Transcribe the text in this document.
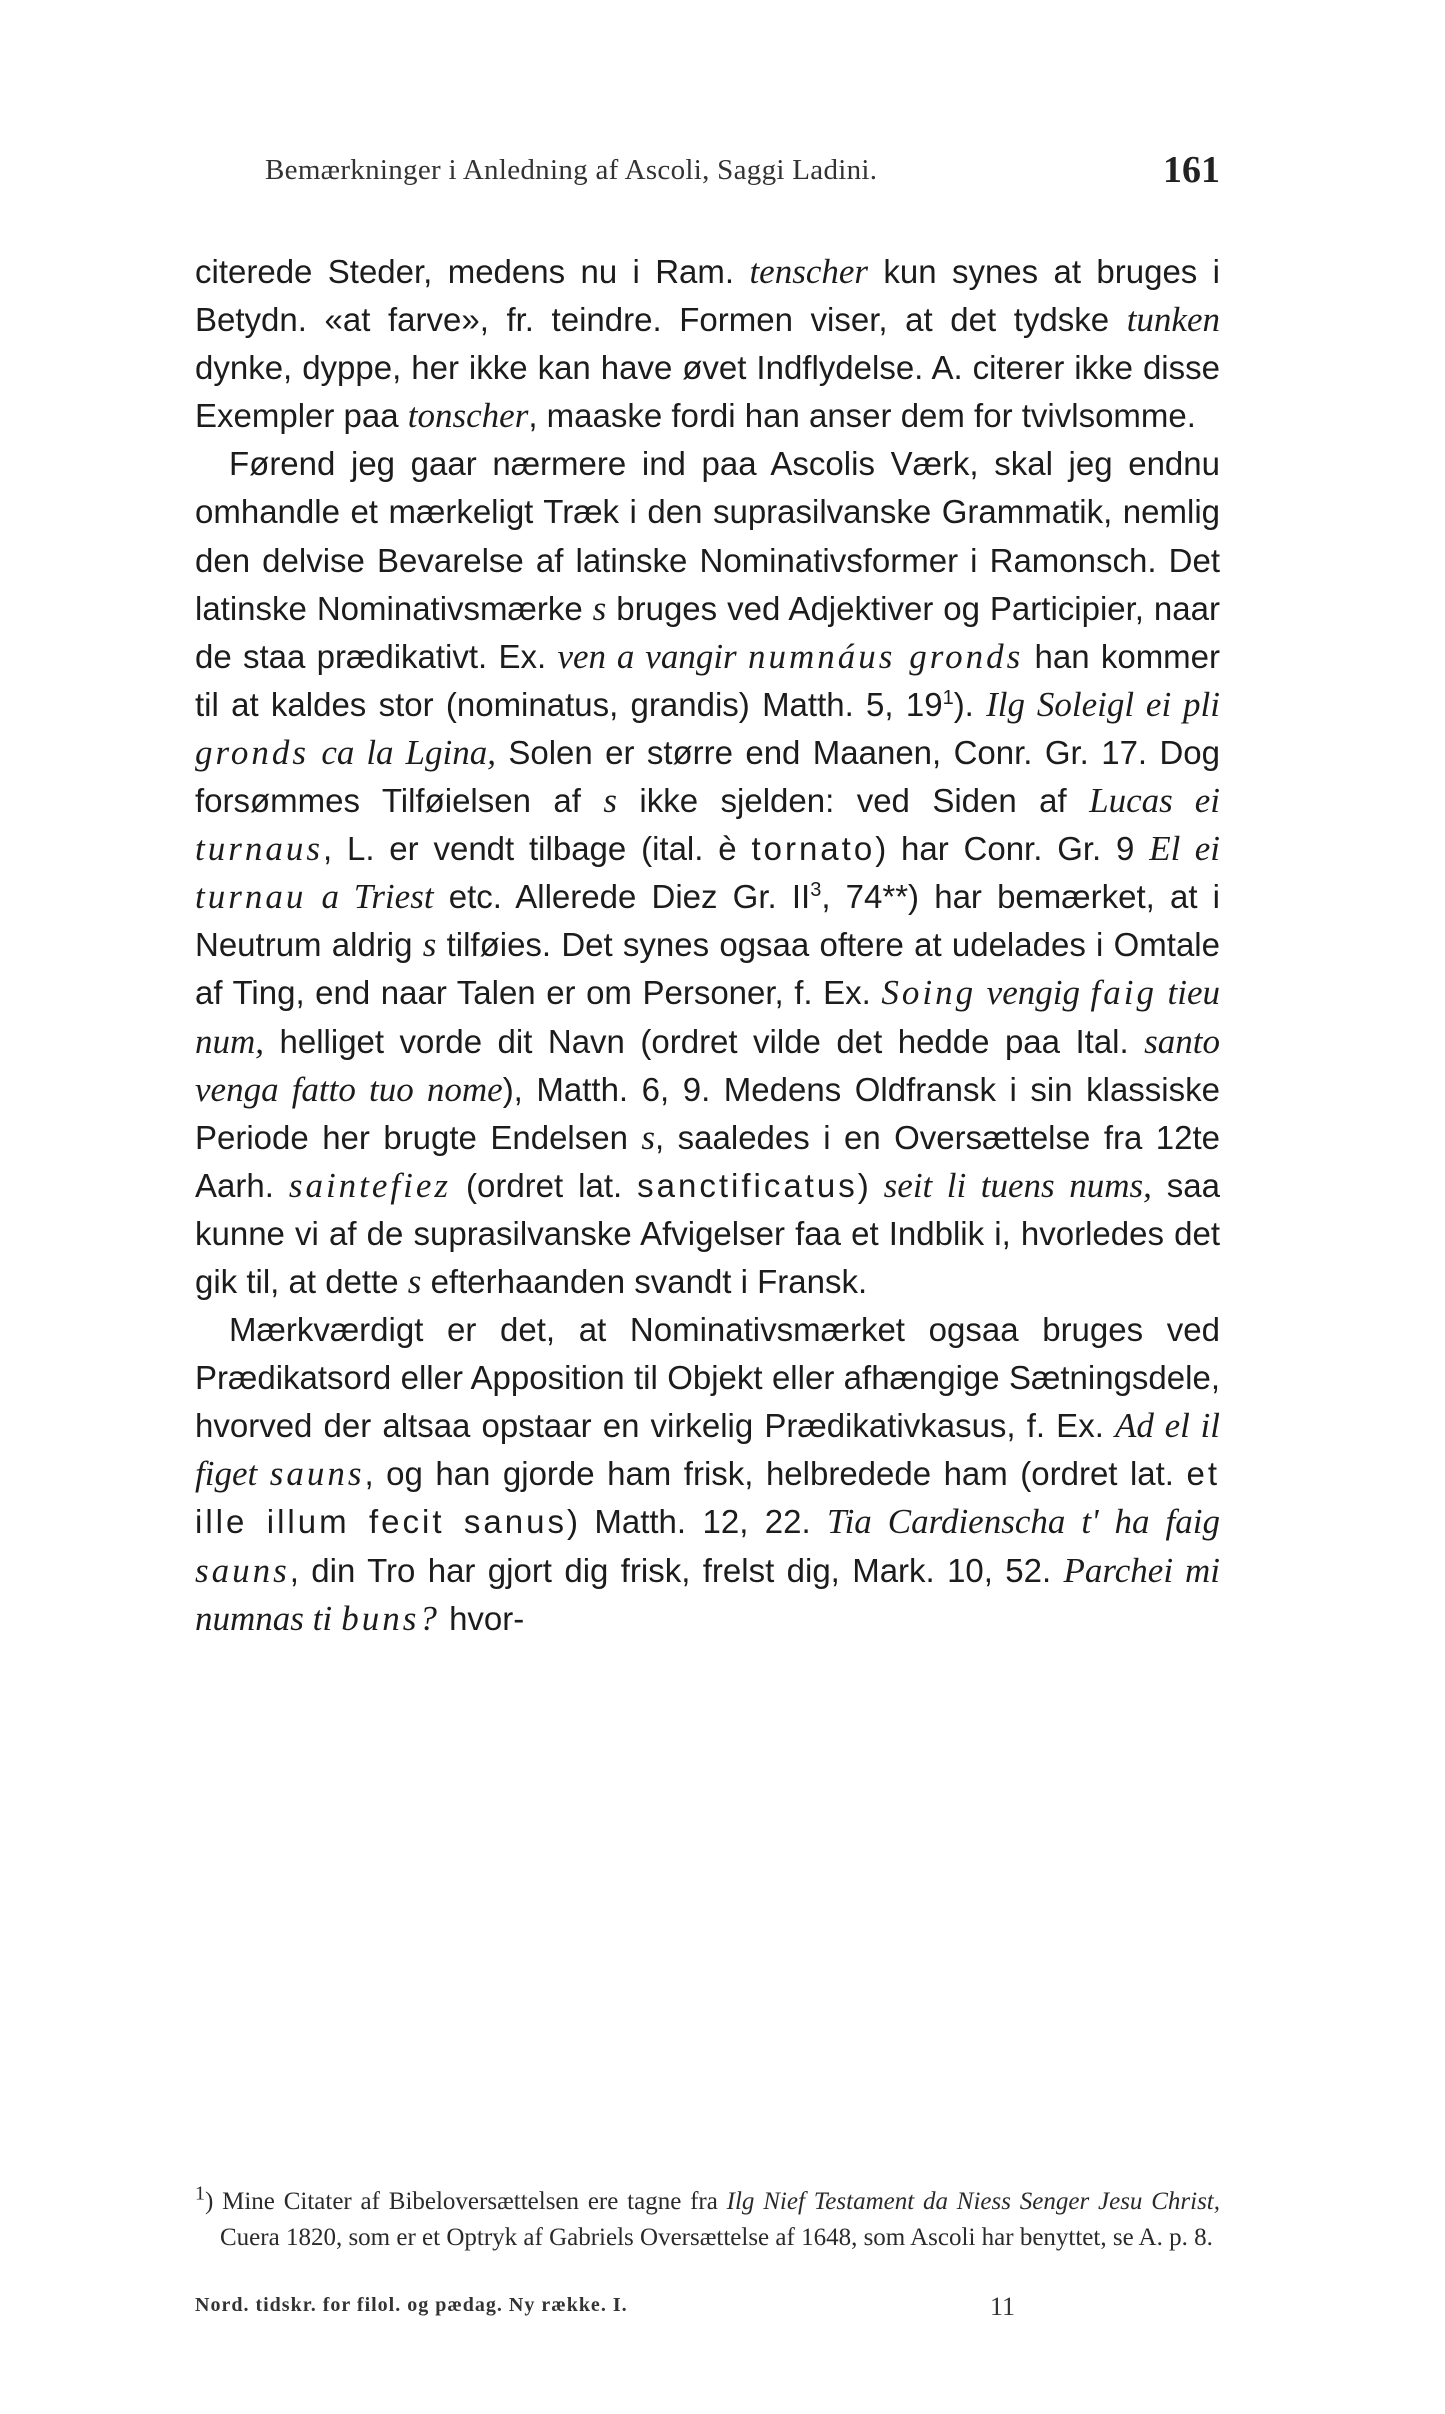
Bemærkninger i Anledning af Ascoli, Saggi Ladini.	161

citerede Steder, medens nu i Ram. tenscher kun synes at bruges i Betydn. «at farve», fr. teindre. Formen viser, at det tydske tunken dynke, dyppe, her ikke kan have øvet Indflydelse. A. citerer ikke disse Exempler paa tonscher, maaske fordi han anser dem for tvivlsomme.

Førend jeg gaar nærmere ind paa Ascolis Værk, skal jeg endnu omhandle et mærkeligt Træk i den suprasilvanske Grammatik, nemlig den delvise Bevarelse af latinske Nominativsformer i Ramonsch. Det latinske Nominativsmærke s bruges ved Adjektiver og Participier, naar de staa prædikativt. Ex. ven a vangir numnáus gronds han kommer til at kaldes stor (nominatus, grandis) Matth. 5, $19^1$). Ilg Soleigl ei pli gronds ca la Lgina, Solen er større end Maanen, Conr. Gr. 17. Dog forsømmes Tilføielsen af s ikke sjelden: ved Siden af Lucas ei turnaus, L. er vendt tilbage (ital. è tornato) har Conr. Gr. 9 El ei turnau a Triest etc. Allerede Diez Gr. $II^3$, 74**) har bemærket, at i Neutrum aldrig s tilføies. Det synes ogsaa oftere at udelades i Omtale af Ting, end naar Talen er om Personer, f. Ex. Soing vengig faig tieu num, helliget vorde dit Navn (ordret vilde det hedde paa Ital. santo venga fatto tuo nome), Matth. 6, 9. Medens Oldfransk i sin klassiske Periode her brugte Endelsen s, saaledes i en Oversættelse fra 12te Aarh. saintefiez (ordret lat. sanctificatus) seit li tuens nums, saa kunne vi af de suprasilvanske Afvigelser faa et Indblik i, hvorledes det gik til, at dette s efterhaanden svandt i Fransk.

Mærkværdigt er det, at Nominativsmærket ogsaa bruges ved Prædikatsord eller Apposition til Objekt eller afhængige Sætningsdele, hvorved der altsaa opstaar en virkelig Prædikativkasus, f. Ex. Ad el il figet sauns, og han gjorde ham frisk, helbredede ham (ordret lat. et ille illum fecit sanus) Matth. 12, 22. Tia Cardienscha t' ha faig sauns, din Tro har gjort dig frisk, frelst dig, Mark. 10, 52. Parchei mi numnas ti buns? hvor-

$^1$) Mine Citater af Bibeloversættelsen ere tagne fra Ilg Nief Testament da Niess Senger Jesu Christ, Cuera 1820, som er et Optryk af Gabriels Oversættelse af 1648, som Ascoli har benyttet, se A. p. 8.

Nord. tidskr. for filol. og pædag. Ny række. I.	11
